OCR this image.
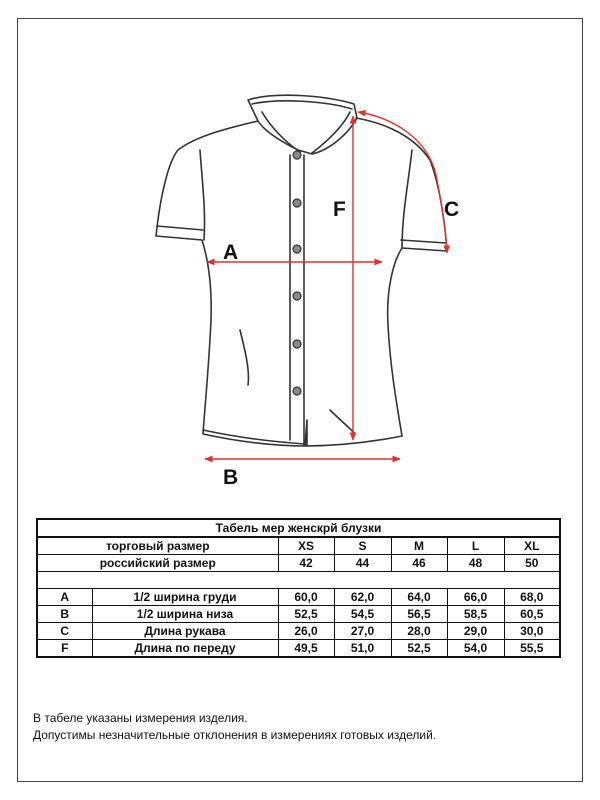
A
B
C
F
Табель мер женскрй блузки						
торговый размер		XS	S	M	L	XL
российский размер		42	44	46	48	50

A	1/2 ширина груди	60,0	62,0	64,0	66,0	68,0
B	1/2 ширина низа	52,5	54,5	56,5	58,5	60,5
C	Длина рукава	26,0	27,0	28,0	29,0	30,0
F	Длина по переду	49,5	51,0	52,5	54,0	55,5
В табеле указаны измерения изделия.
Допустимы незначительные отклонения в измерениях готовых изделий.
